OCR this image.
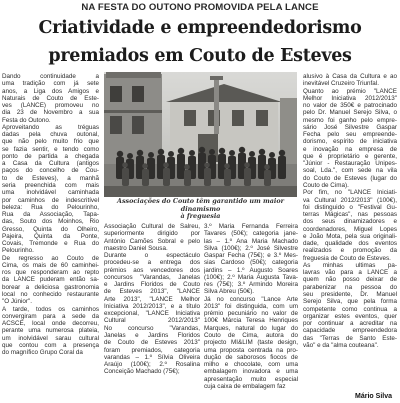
NA FESTA DO OUTONO PROMOVIDA PELA LANCE
Criatividade e empreendedorismo
premiados em Couto de Esteves
Dando continuidade a
uma tradição com já sete
anos, a Liga dos Amigos e
Naturais de Couto de Este-
ves (LANCE) promoveu no
dia 23 de Novembro a sua
Festa do Outono.
Aproveitando as tréguas
dadas pela chuva outonal,
que não pelo muito frio que
se fazia sentir, e tendo como
ponto de partida a chegada
a Casa da Cultura (antigos
paços do concelho de Cou-
to de Esteves), a manhã
seria preenchida com mais
uma inolvidável caminhada
por caminhos de indescritível
beleza: Rua do Pelourinho,
Rua da Associação, Tapa-
das, Souto dos Moinhos, Rio
Gresso, Quinta do Olheiro,
Pajeira, Quinta da Ponte,
Covais, Tremonde e Rua do
Pelourinho.
De regresso ao Couto de
Cima, os mais de 60 caminhei-
ros que responderam ao repto
da LANCE puderam então sa-
borear a deliciosa gastronomia
local no conhecido restaurante
"O Júnior".
A tarde, todos os caminhos
convergiram para a sede da
ACSCE, local onde decorreu,
perante uma numerosa plateia,
um inolvidável sarau cultural
que contou com a presença
do magnífico Grupo Coral da
Associação Cultural de Salreu,
superiormente dirigido por
António Camões Sobral e pelo
maestro Daniel Sousa.
Durante o espectáculo
procedeu-se a entrega dos
prémios aos vencedores dos
concursos "Varandas, Janelas
e Jardins Floridos de Couto
de Esteves 2013", "LANCE
Arte 2013", "LANCE Melhor
Iniciativa 2012/2013", e a título
excepcional, "LANCE Iniciativa
Cultural 2012/2013"
No concurso "Varandas,
Janelas e Jardins Floridos
de Couto de Esteves 2013"
foram premiados, categoria
varandas – 1.º Sílvia Oliveira
Araújo (100€); 2.º Rosalina
Conceição Machado (75€);
3.º Maria Fernanda Ferreira
Tavares (50€); categoria jane-
las – 1.º Ana Maria Machado
Silva (100€); 2.º José Silvestre
Gaspar Fecha (75€); e 3.º Mes-
sias Cardoso (50€); categoria
jardins – 1.º Augusto Soares
(100€); 2.º Maria Augusta Tava-
res (75€); 3.º Armindo Moreira
Silva Abreu (50€).
Já no concurso "Lance Arte
2013" foi distinguida, com um
prémio pecuniário no valor de
100€ Márcia Teresa Henriques
Marques, natural do lugar do
Couto de Cima, autora do
projecto MI&LIM (taste design,
uma proposta centrada na pro-
dução de saborosos fiocos de
milho e chocolate, com uma
embalagem inovadora e uma
apresentação muito especial
cuja caixa de embalagem faz
alusivo à Casa da Cultura e ao
inevitável Cruzeiro Triunfal.
Quanto ao prémio "LANCE
Melhor Iniciativa 2012/2013"
no valor de 350€ e patrocinado
pelo Dr. Manuel Serejo Silva, o
mesmo foi ganho pelo empre-
sário José Silvestre Gaspar
Fecha pelo seu empreende-
dorismo, espírito de iniciativa
e inovação na empresa de
que é proprietário e gerente,
"Júnior - Restauração Unipes-
soal, Lda.", com sede na vila
do Couto de Esteves (lugar do
Couto de Cima).
Por fim, no "LANCE Iniciati-
va Cultural 2012/2013" (100€),
foi distinguido o "Festival Gu-
terras Mágicas", nas pessoas
dos seus dinamizadores e
coordenadores, Miguel Lopes
e João Mota, pela sua originali-
dade, qualidade dos eventos
realizados e promoção da
freguesia de Couto de Esteves.
As minhas ultimas pa-
lavras vão para a LANCE a
quem não posso deixar de
parabenizar na pessoa do
seu presidente, Dr. Manuel
Serejo Silva, que pela forma
competente como continua a
organizar estes eventos, quer
por continuar a acreditar na
capacidade empreendedora
das "Terras de Santo Este-
vão" e da "alma couteana".
Associações do Couto têm garantido um maior dinamismo
à freguesia
Mário Silva
